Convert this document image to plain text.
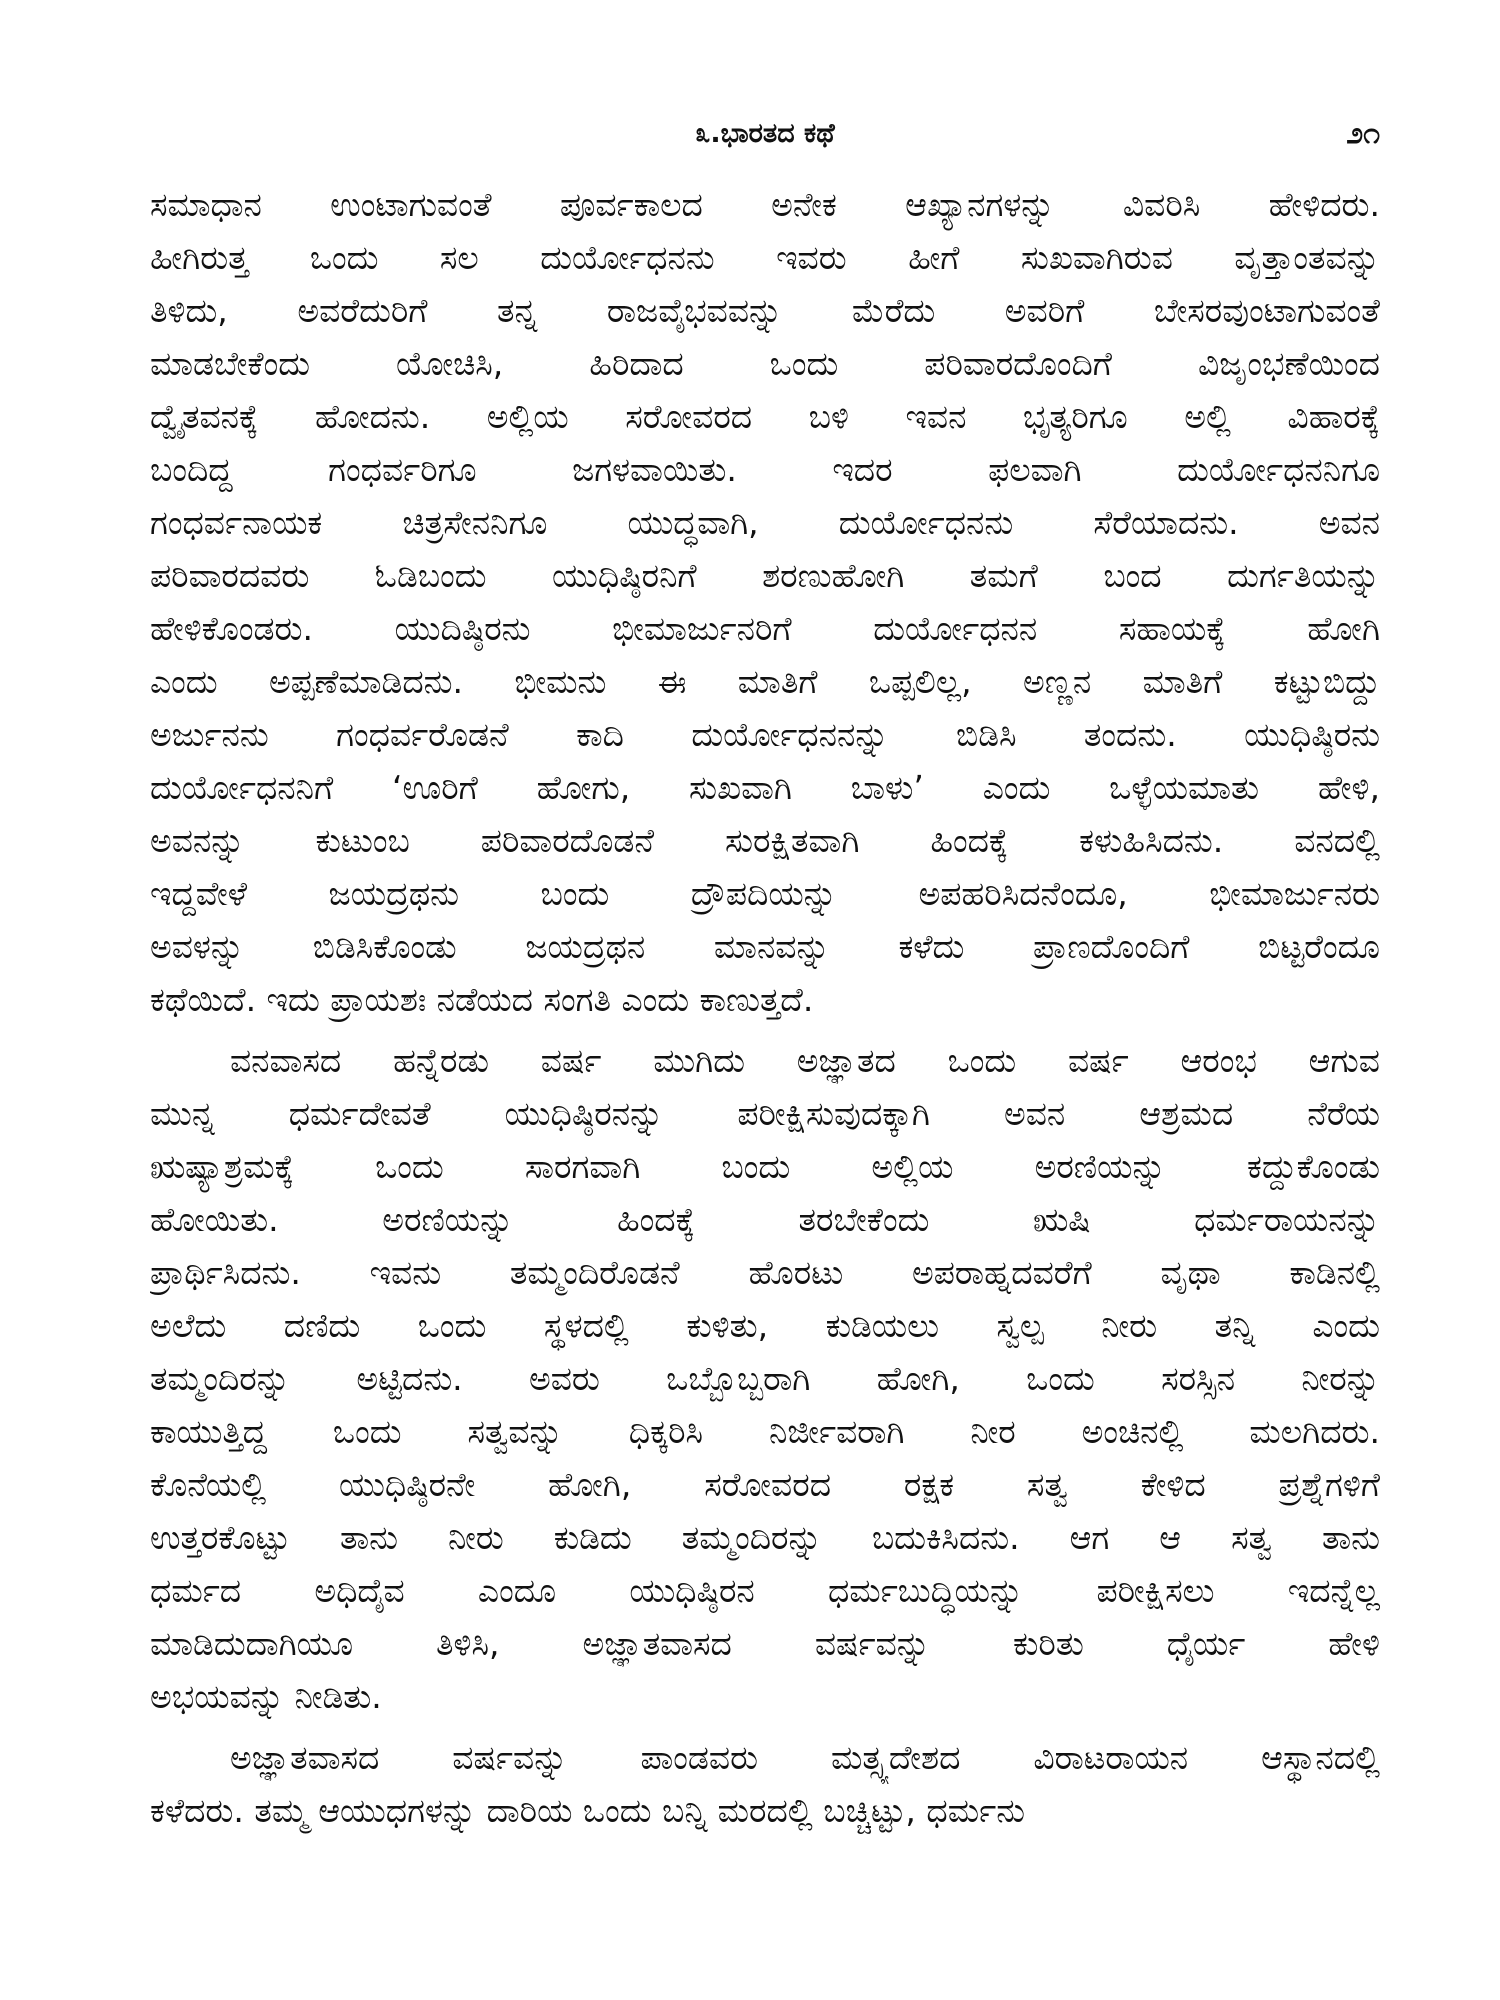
೩.ಭಾರತದ ಕಥೆ	೨೧
ಸಮಾಧಾನ ಉಂಟಾಗುವಂತೆ ಪೂರ್ವಕಾಲದ ಅನೇಕ ಆಖ್ಯಾನಗಳನ್ನು ವಿವರಿಸಿ ಹೇಳಿದರು.
ಹೀಗಿರುತ್ತ ಒಂದು ಸಲ ದುರ್ಯೋಧನನು ಇವರು ಹೀಗೆ ಸುಖವಾಗಿರುವ ವೃತ್ತಾಂತವನ್ನು
ತಿಳಿದು, ಅವರೆದುರಿಗೆ ತನ್ನ ರಾಜವೈಭವವನ್ನು ಮೆರೆದು ಅವರಿಗೆ ಬೇಸರವುಂಟಾಗುವಂತೆ
ಮಾಡಬೇಕೆಂದು ಯೋಚಿಸಿ, ಹಿರಿದಾದ ಒಂದು ಪರಿವಾರದೊಂದಿಗೆ ವಿಜೃಂಭಣೆಯಿಂದ
ದ್ವೈತವನಕ್ಕೆ ಹೋದನು. ಅಲ್ಲಿಯ ಸರೋವರದ ಬಳಿ ಇವನ ಭೃತ್ಯರಿಗೂ ಅಲ್ಲಿ ವಿಹಾರಕ್ಕೆ
ಬಂದಿದ್ದ ಗಂಧರ್ವರಿಗೂ ಜಗಳವಾಯಿತು. ಇದರ ಫಲವಾಗಿ ದುರ್ಯೋಧನನಿಗೂ
ಗಂಧರ್ವನಾಯಕ ಚಿತ್ರಸೇನನಿಗೂ ಯುದ್ಧವಾಗಿ, ದುರ್ಯೋಧನನು ಸೆರೆಯಾದನು. ಅವನ
ಪರಿವಾರದವರು ಓಡಿಬಂದು ಯುಧಿಷ್ಠಿರನಿಗೆ ಶರಣುಹೋಗಿ ತಮಗೆ ಬಂದ ದುರ್ಗತಿಯನ್ನು
ಹೇಳಿಕೊಂಡರು. ಯುದಿಷ್ಠಿರನು ಭೀಮಾರ್ಜುನರಿಗೆ ದುರ್ಯೋಧನನ ಸಹಾಯಕ್ಕೆ ಹೋಗಿ
ಎಂದು ಅಪ್ಪಣೆಮಾಡಿದನು. ಭೀಮನು ಈ ಮಾತಿಗೆ ಒಪ್ಪಲಿಲ್ಲ, ಅಣ್ಣನ ಮಾತಿಗೆ ಕಟ್ಟುಬಿದ್ದು
ಅರ್ಜುನನು ಗಂಧರ್ವರೊಡನೆ ಕಾದಿ ದುರ್ಯೋಧನನನ್ನು ಬಿಡಿಸಿ ತಂದನು. ಯುಧಿಷ್ಠಿರನು
ದುರ್ಯೋಧನನಿಗೆ ‘ಊರಿಗೆ ಹೋಗು, ಸುಖವಾಗಿ ಬಾಳು’ ಎಂದು ಒಳ್ಳೆಯಮಾತು ಹೇಳಿ,
ಅವನನ್ನು ಕುಟುಂಬ ಪರಿವಾರದೊಡನೆ ಸುರಕ್ಷಿತವಾಗಿ ಹಿಂದಕ್ಕೆ ಕಳುಹಿಸಿದನು. ವನದಲ್ಲಿ
ಇದ್ದವೇಳೆ ಜಯದ್ರಥನು ಬಂದು ದ್ರೌಪದಿಯನ್ನು ಅಪಹರಿಸಿದನೆಂದೂ, ಭೀಮಾರ್ಜುನರು
ಅವಳನ್ನು ಬಿಡಿಸಿಕೊಂಡು ಜಯದ್ರಥನ ಮಾನವನ್ನು ಕಳೆದು ಪ್ರಾಣದೊಂದಿಗೆ ಬಿಟ್ಟರೆಂದೂ
ಕಥೆಯಿದೆ. ಇದು ಪ್ರಾಯಶಃ ನಡೆಯದ ಸಂಗತಿ ಎಂದು ಕಾಣುತ್ತದೆ.
ವನವಾಸದ ಹನ್ನೆರಡು ವರ್ಷ ಮುಗಿದು ಅಜ್ಞಾತದ ಒಂದು ವರ್ಷ ಆರಂಭ ಆಗುವ
ಮುನ್ನ ಧರ್ಮದೇವತೆ ಯುಧಿಷ್ಠಿರನನ್ನು ಪರೀಕ್ಷಿಸುವುದಕ್ಕಾಗಿ ಅವನ ಆಶ್ರಮದ ನೆರೆಯ
ಋಷ್ಯಾಶ್ರಮಕ್ಕೆ ಒಂದು ಸಾರಗವಾಗಿ ಬಂದು ಅಲ್ಲಿಯ ಅರಣಿಯನ್ನು ಕದ್ದುಕೊಂಡು
ಹೋಯಿತು. ಅರಣಿಯನ್ನು ಹಿಂದಕ್ಕೆ ತರಬೇಕೆಂದು ಋಷಿ ಧರ್ಮರಾಯನನ್ನು
ಪ್ರಾರ್ಥಿಸಿದನು. ಇವನು ತಮ್ಮಂದಿರೊಡನೆ ಹೊರಟು ಅಪರಾಹ್ನದವರೆಗೆ ವೃಥಾ ಕಾಡಿನಲ್ಲಿ
ಅಲೆದು ದಣಿದು ಒಂದು ಸ್ಥಳದಲ್ಲಿ ಕುಳಿತು, ಕುಡಿಯಲು ಸ್ವಲ್ಪ ನೀರು ತನ್ನಿ ಎಂದು
ತಮ್ಮಂದಿರನ್ನು ಅಟ್ಟಿದನು. ಅವರು ಒಬ್ಬೊಬ್ಬರಾಗಿ ಹೋಗಿ, ಒಂದು ಸರಸ್ಸಿನ ನೀರನ್ನು
ಕಾಯುತ್ತಿದ್ದ ಒಂದು ಸತ್ವವನ್ನು ಧಿಕ್ಕರಿಸಿ ನಿರ್ಜೀವರಾಗಿ ನೀರ ಅಂಚಿನಲ್ಲಿ ಮಲಗಿದರು.
ಕೊನೆಯಲ್ಲಿ ಯುಧಿಷ್ಠಿರನೇ ಹೋಗಿ, ಸರೋವರದ ರಕ್ಷಕ ಸತ್ವ ಕೇಳಿದ ಪ್ರಶ್ನೆಗಳಿಗೆ
ಉತ್ತರಕೊಟ್ಟು ತಾನು ನೀರು ಕುಡಿದು ತಮ್ಮಂದಿರನ್ನು ಬದುಕಿಸಿದನು. ಆಗ ಆ ಸತ್ವ ತಾನು
ಧರ್ಮದ ಅಧಿದೈವ ಎಂದೂ ಯುಧಿಷ್ಠಿರನ ಧರ್ಮಬುದ್ಧಿಯನ್ನು ಪರೀಕ್ಷಿಸಲು ಇದನ್ನೆಲ್ಲ
ಮಾಡಿದುದಾಗಿಯೂ ತಿಳಿಸಿ, ಅಜ್ಞಾತವಾಸದ ವರ್ಷವನ್ನು ಕುರಿತು ಧೈರ್ಯ ಹೇಳಿ
ಅಭಯವನ್ನು ನೀಡಿತು.
ಅಜ್ಞಾತವಾಸದ ವರ್ಷವನ್ನು ಪಾಂಡವರು ಮತ್ಸ್ಯದೇಶದ ವಿರಾಟರಾಯನ ಆಸ್ಥಾನದಲ್ಲಿ
ಕಳೆದರು. ತಮ್ಮ ಆಯುಧಗಳನ್ನು ದಾರಿಯ ಒಂದು ಬನ್ನಿ ಮರದಲ್ಲಿ ಬಚ್ಚಿಟ್ಟು, ಧರ್ಮನು
